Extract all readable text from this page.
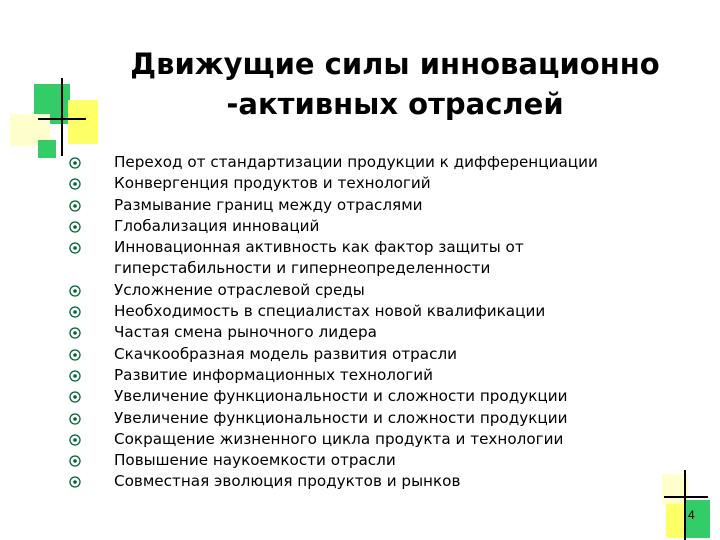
Движущие силы инновационно
-активных отраслей
Переход от стандартизации продукции к дифференциации
Конвергенция продуктов и технологий
Размывание границ между отраслями
Глобализация инноваций
Инновационная активность как фактор защиты от гиперстабильности и гипернеопределенности
Усложнение отраслевой среды
Необходимость в специалистах новой квалификации
Частая смена рыночного лидера
Скачкообразная модель развития отрасли
Развитие информационных технологий
Увеличение функциональности и сложности продукции
Увеличение функциональности и сложности продукции
Сокращение жизненного цикла продукта и технологии
Повышение наукоемкости отрасли
Совместная эволюция продуктов и рынков
4
